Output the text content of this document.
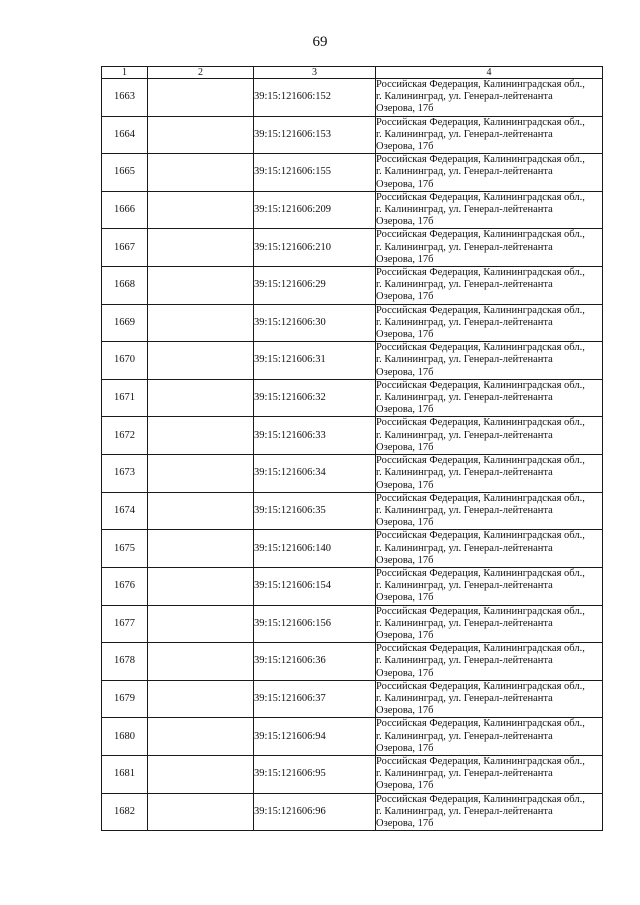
69
1	2	3	4
1663		39:15:121606:152	Российская Федерация, Калининградская обл.,
г. Калининград, ул. Генерал-лейтенанта
Озерова, 17б

1664		39:15:121606:153	Российская Федерация, Калининградская обл.,
г. Калининград, ул. Генерал-лейтенанта
Озерова, 17б

1665		39:15:121606:155	Российская Федерация, Калининградская обл.,
г. Калининград, ул. Генерал-лейтенанта
Озерова, 17б

1666		39:15:121606:209	Российская Федерация, Калининградская обл.,
г. Калининград, ул. Генерал-лейтенанта
Озерова, 17б

1667		39:15:121606:210	Российская Федерация, Калининградская обл.,
г. Калининград, ул. Генерал-лейтенанта
Озерова, 17б

1668		39:15:121606:29	Российская Федерация, Калининградская обл.,
г. Калининград, ул. Генерал-лейтенанта
Озерова, 17б

1669		39:15:121606:30	Российская Федерация, Калининградская обл.,
г. Калининград, ул. Генерал-лейтенанта
Озерова, 17б

1670		39:15:121606:31	Российская Федерация, Калининградская обл.,
г. Калининград, ул. Генерал-лейтенанта
Озерова, 17б

1671		39:15:121606:32	Российская Федерация, Калининградская обл.,
г. Калининград, ул. Генерал-лейтенанта
Озерова, 17б

1672		39:15:121606:33	Российская Федерация, Калининградская обл.,
г. Калининград, ул. Генерал-лейтенанта
Озерова, 17б

1673		39:15:121606:34	Российская Федерация, Калининградская обл.,
г. Калининград, ул. Генерал-лейтенанта
Озерова, 17б

1674		39:15:121606:35	Российская Федерация, Калининградская обл.,
г. Калининград, ул. Генерал-лейтенанта
Озерова, 17б

1675		39:15:121606:140	Российская Федерация, Калининградская обл.,
г. Калининград, ул. Генерал-лейтенанта
Озерова, 17б

1676		39:15:121606:154	Российская Федерация, Калининградская обл.,
г. Калининград, ул. Генерал-лейтенанта
Озерова, 17б

1677		39:15:121606:156	Российская Федерация, Калининградская обл.,
г. Калининград, ул. Генерал-лейтенанта
Озерова, 17б

1678		39:15:121606:36	Российская Федерация, Калининградская обл.,
г. Калининград, ул. Генерал-лейтенанта
Озерова, 17б

1679		39:15:121606:37	Российская Федерация, Калининградская обл.,
г. Калининград, ул. Генерал-лейтенанта
Озерова, 17б

1680		39:15:121606:94	Российская Федерация, Калининградская обл.,
г. Калининград, ул. Генерал-лейтенанта
Озерова, 17б

1681		39:15:121606:95	Российская Федерация, Калининградская обл.,
г. Калининград, ул. Генерал-лейтенанта
Озерова, 17б

1682		39:15:121606:96	Российская Федерация, Калининградская обл.,
г. Калининград, ул. Генерал-лейтенанта
Озерова, 17б
